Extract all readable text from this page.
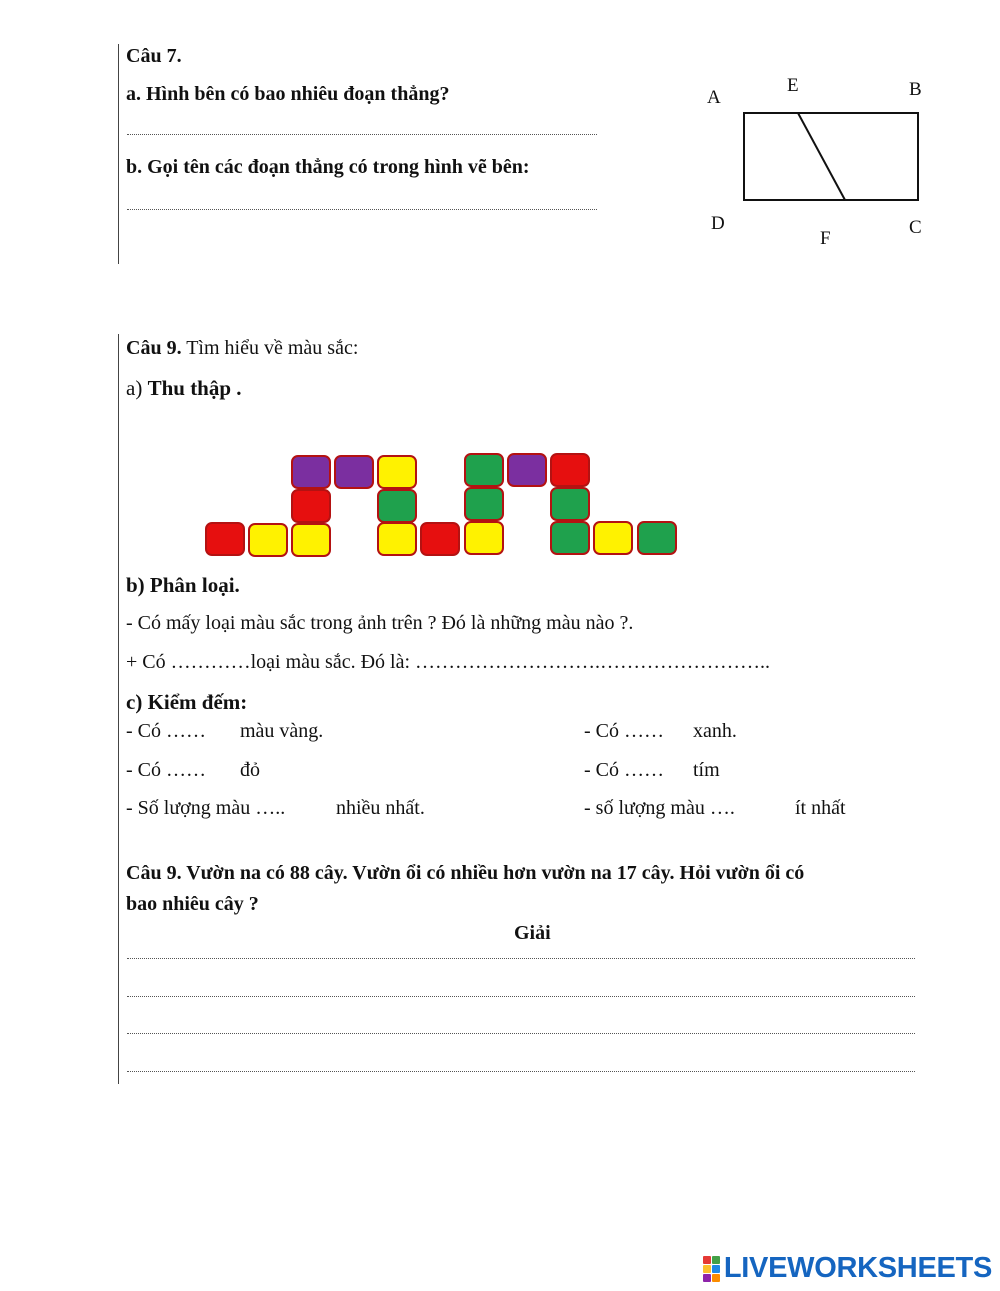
Câu 7.
a. Hình bên có bao nhiêu đoạn thẳng?
b. Gọi tên các đoạn thẳng có trong hình vẽ bên:
A
E	B
D
F
C
Câu 9. Tìm hiểu về màu sắc:
a) Thu thập .
b) Phân loại.
- Có mấy loại màu sắc trong ảnh trên ? Đó là những màu nào ?.
+ Có …………loại màu sắc. Đó là: ……………………….……………………..
c) Kiểm đếm:
- Có …… màu vàng.	- Có …… xanh.
- Có …… đỏ	- Có …… tím
- Số lượng màu …..	nhiều nhất.	- số lượng màu ….	ít nhất
Câu 9. Vườn na có 88 cây. Vườn ổi có nhiều hơn vườn na 17 cây. Hỏi vườn ổi có
bao nhiêu cây ?
Giải
LIVEWORKSHEETS
